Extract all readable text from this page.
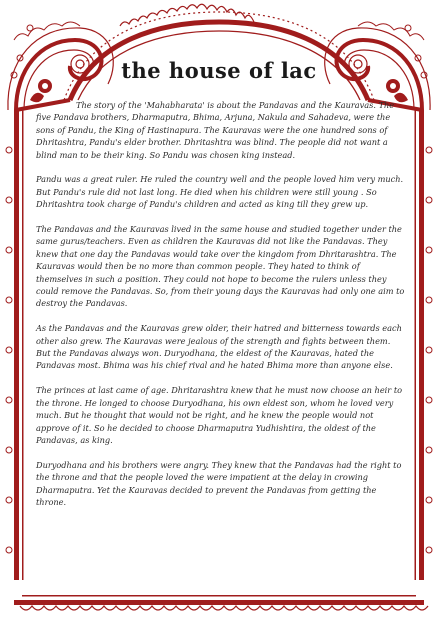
the house of lac

The story of the 'Mahabharata' is about the Pandavas and the Kauravas. The five Pandava brothers, Dharmaputra, Bhima, Arjuna, Nakula and Sahadeva, were the sons of Pandu, the King of Hastinapura. The Kauravas were the one hundred sons of Dhritashtra, Pandu's elder brother. Dhritashtra was blind. The people did not want a blind man to be their king. So Pandu was chosen king instead.

Pandu was a great ruler. He ruled the country well and the people loved him very much. But Pandu's rule did not last long. He died when his children were still young . So Dhritashtra took charge of Pandu's children and acted as king till they grew up.

The Pandavas and the Kauravas lived in the same house and studied together under the same gurus/teachers. Even as children the Kauravas did not like the Pandavas. They knew that one day the Pandavas would take over the kingdom from Dhritarashtra. The Kauravas would then be no more than common people. They hated to think of themselves in such a position. They could not hope to become the rulers unless they could remove the Pandavas. So, from their young days the Kauravas had only one aim to destroy the Pandavas.

As the Pandavas and the Kauravas grew older, their hatred and bitterness towards each other also grew. The Kauravas were jealous of the strength and fights between them. But the Pandavas always won. Duryodhana, the eldest of the Kauravas, hated the Pandavas most. Bhima was his chief rival and he hated Bhima more than anyone else.

The princes at last came of age. Dhritarashtra knew that he must now choose an heir to the throne. He longed to choose Duryodhana, his own eldest son, whom he loved very much. But he thought that would not be right, and he knew the people would not approve of it. So he decided to choose Dharmaputra Yudhishtira, the oldest of the Pandavas, as king.

Duryodhana and his brothers were angry. They knew that the Pandavas had the right to the throne and that the people loved the were impatient at the delay in crowing Dharmaputra. Yet the Kauravas decided to prevent the Pandavas from getting the throne.
